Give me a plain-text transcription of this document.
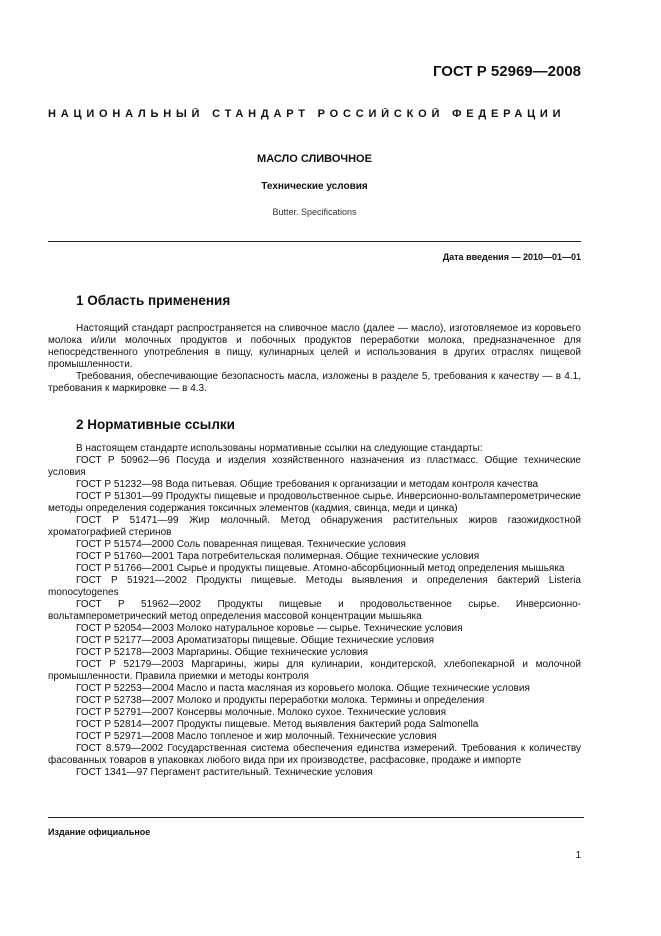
ГОСТ Р 52969—2008
НАЦИОНАЛЬНЫЙ СТАНДАРТ РОССИЙСКОЙ ФЕДЕРАЦИИ
МАСЛО СЛИВОЧНОЕ
Технические условия
Butter. Specifications
Дата введения — 2010—01—01
1 Область применения

Настоящий стандарт распространяется на сливочное масло (далее — масло), изготовляемое из коровьего молока и/или молочных продуктов и побочных продуктов переработки молока, предназначенное для непосредственного употребления в пищу, кулинарных целей и использования в других отраслях пищевой промышленности.

Требования, обеспечивающие безопасность масла, изложены в разделе 5, требования к качеству — в 4.1, требования к маркировке — в 4.3.

2 Нормативные ссылки

В настоящем стандарте использованы нормативные ссылки на следующие стандарты:

ГОСТ Р 50962—96 Посуда и изделия хозяйственного назначения из пластмасс. Общие технические условия

ГОСТ Р 51232—98 Вода питьевая. Общие требования к организации и методам контроля качества

ГОСТ Р 51301—99 Продукты пищевые и продовольственное сырье. Инверсионно-вольтамперометрические методы определения содержания токсичных элементов (кадмия, свинца, меди и цинка)

ГОСТ Р 51471—99 Жир молочный. Метод обнаружения растительных жиров газожидкостной хроматографией стеринов

ГОСТ Р 51574—2000 Соль поваренная пищевая. Технические условия

ГОСТ Р 51760—2001 Тара потребительская полимерная. Общие технические условия

ГОСТ Р 51766—2001 Сырье и продукты пищевые. Атомно-абсорбционный метод определения мышьяка

ГОСТ Р 51921—2002 Продукты пищевые. Методы выявления и определения бактерий Listeria monocytogenes

ГОСТ Р 51962—2002 Продукты пищевые и продовольственное сырье. Инверсионно-вольтамперометрический метод определения массовой концентрации мышьяка

ГОСТ Р 52054—2003 Молоко натуральное коровье — сырье. Технические условия

ГОСТ Р 52177—2003 Ароматизаторы пищевые. Общие технические условия

ГОСТ Р 52178—2003 Маргарины. Общие технические условия

ГОСТ Р 52179—2003 Маргарины, жиры для кулинарии, кондитерской, хлебопекарной и молочной промышленности. Правила приемки и методы контроля

ГОСТ Р 52253—2004 Масло и паста масляная из коровьего молока. Общие технические условия

ГОСТ Р 52738—2007 Молоко и продукты переработки молока. Термины и определения

ГОСТ Р 52791—2007 Консервы молочные. Молоко сухое. Технические условия

ГОСТ Р 52814—2007 Продукты пищевые. Метод выявления бактерий рода Salmonella

ГОСТ Р 52971—2008 Масло топленое и жир молочный. Технические условия

ГОСТ 8.579—2002 Государственная система обеспечения единства измерений. Требования к количеству фасованных товаров в упаковках любого вида при их производстве, расфасовке, продаже и импорте

ГОСТ 1341—97 Пергамент растительный. Технические условия

Издание официальное
1
